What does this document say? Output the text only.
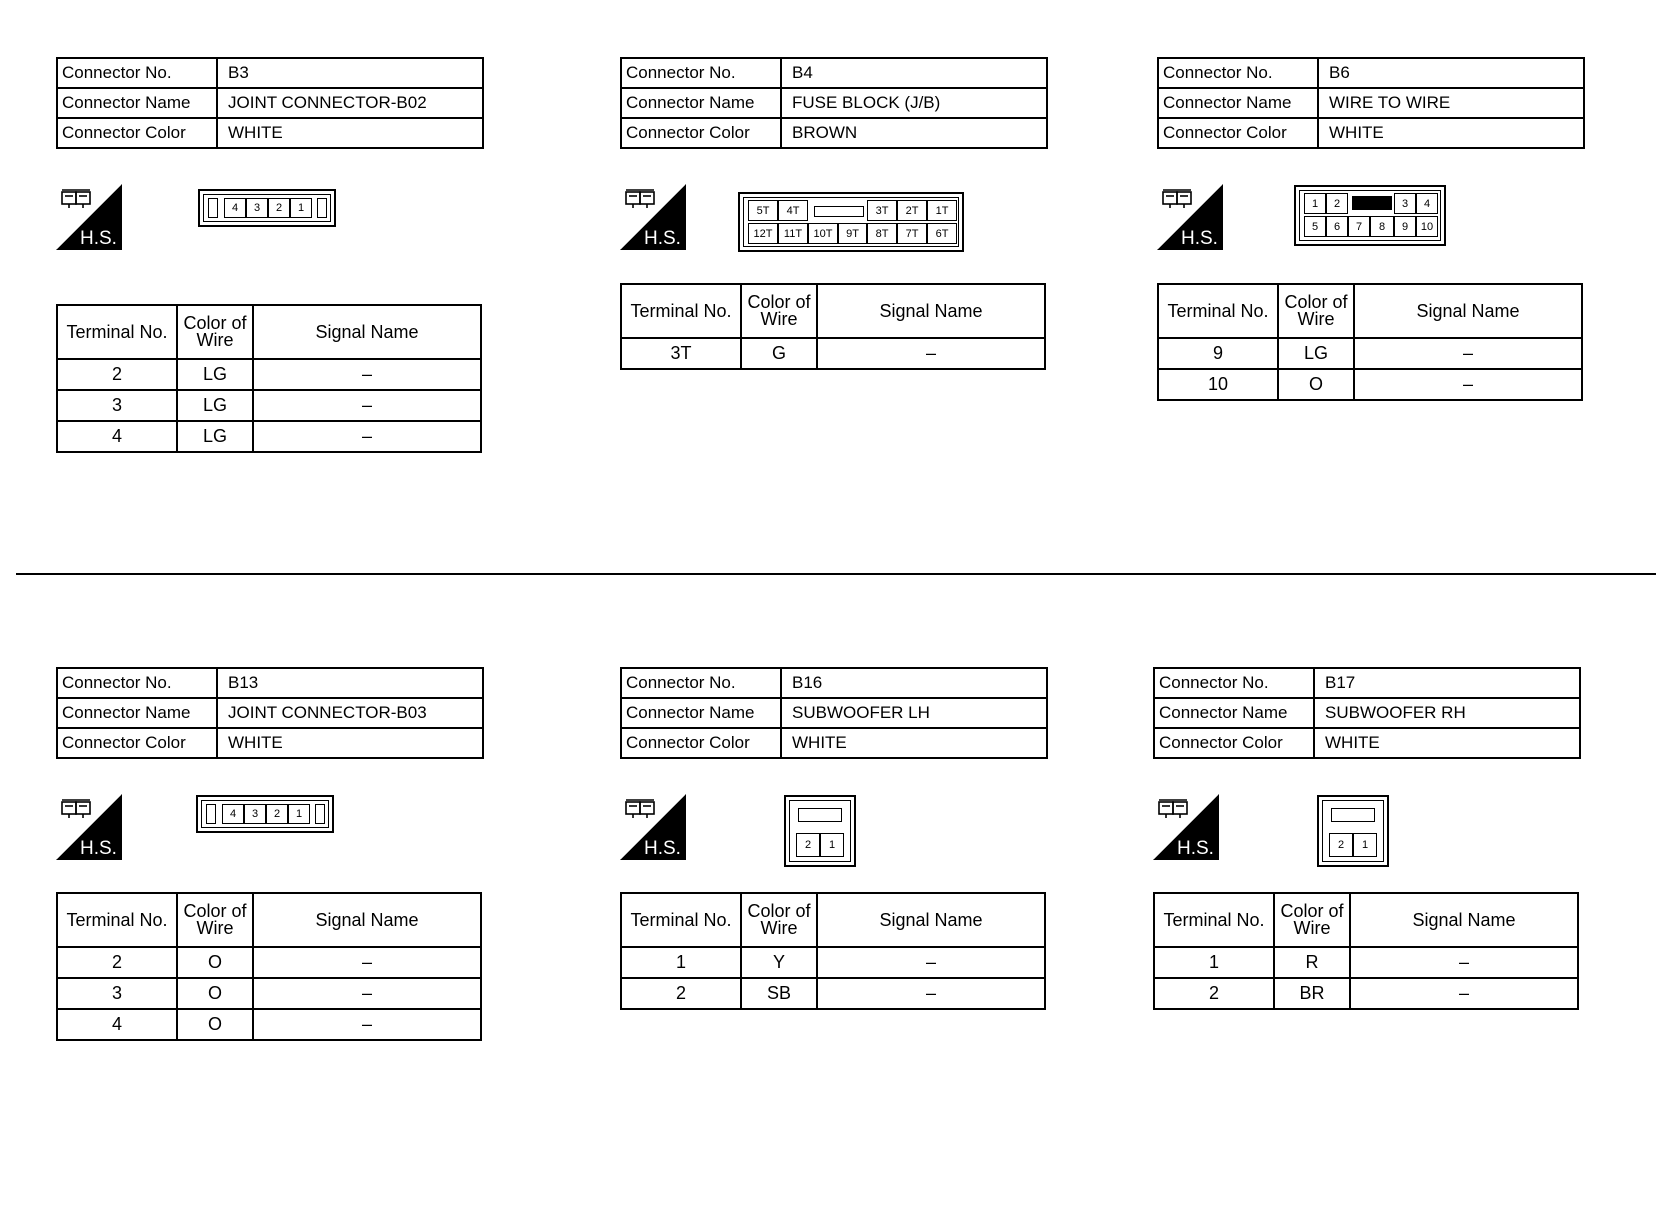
Connector No.	B3
Connector Name	JOINT CONNECTOR-B02
Connector Color	WHITE
H.S.
4	3	2	1
Terminal No.	Color of Wire	Signal Name
2	LG	–
3	LG	–
4	LG	–
Connector No.	B4
Connector Name	FUSE BLOCK (J/B)
Connector Color	BROWN
H.S.
5T	4T	3T	2T	1T
12T	11T	10T	9T	8T	7T	6T
Terminal No.	Color of Wire	Signal Name
3T	G	–
Connector No.	B6
Connector Name	WIRE TO WIRE
Connector Color	WHITE
H.S.
1	2	3	4
5	6	7	8	9	10
Terminal No.	Color of Wire	Signal Name
9	LG	–
10	O	–
Connector No.	B13
Connector Name	JOINT CONNECTOR-B03
Connector Color	WHITE
H.S.
4	3	2	1
Terminal No.	Color of Wire	Signal Name
2	O	–
3	O	–
4	O	–
Connector No.	B16
Connector Name	SUBWOOFER LH
Connector Color	WHITE
H.S.	2	1
Terminal No.	Color of Wire	Signal Name
1	Y	–
2	SB	–
Connector No.	B17
Connector Name	SUBWOOFER RH
Connector Color	WHITE
H.S.	2	1
Terminal No.	Color of Wire	Signal Name
1	R	–
2	BR	–
